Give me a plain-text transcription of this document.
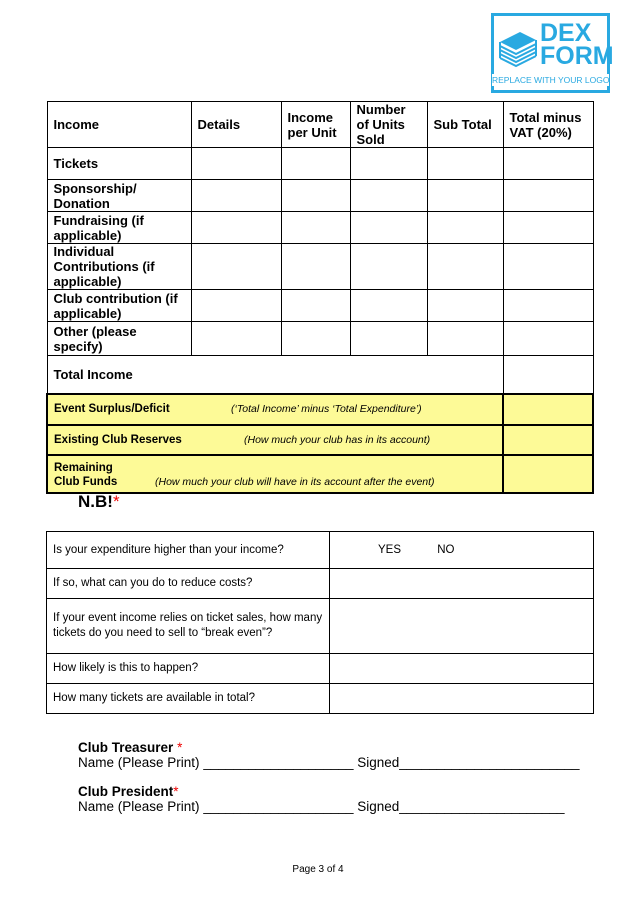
DEX
FORM
REPLACE WITH YOUR LOGO
Income	Details	Income per Unit	Number of Units Sold	Sub Total	Total minus VAT (20%)
Tickets					
Sponsorship/ Donation					
Fundraising (if applicable)					
Individual Contributions (if applicable)					
Club contribution (if applicable)					
Other (please specify)					
Total Income					
Event Surplus/Deficit (‘Total Income’ minus ‘Total Expenditure’)					
Existing Club Reserves (How much your club has in its account)					
Remaining Club Funds (How much your club will have in its account after the event)					
N.B!*
Is your expenditure higher than your income?	YES NO
If so, what can you do to reduce costs?	
If your event income relies on ticket sales, how many tickets do you need to sell to “break even”?	
How likely is this to happen?	
How many tickets are available in total?	
Club Treasurer *
Name (Please Print) ____________________ Signed________________________
Club President*
Name (Please Print) ____________________ Signed______________________
Page 3 of 4
